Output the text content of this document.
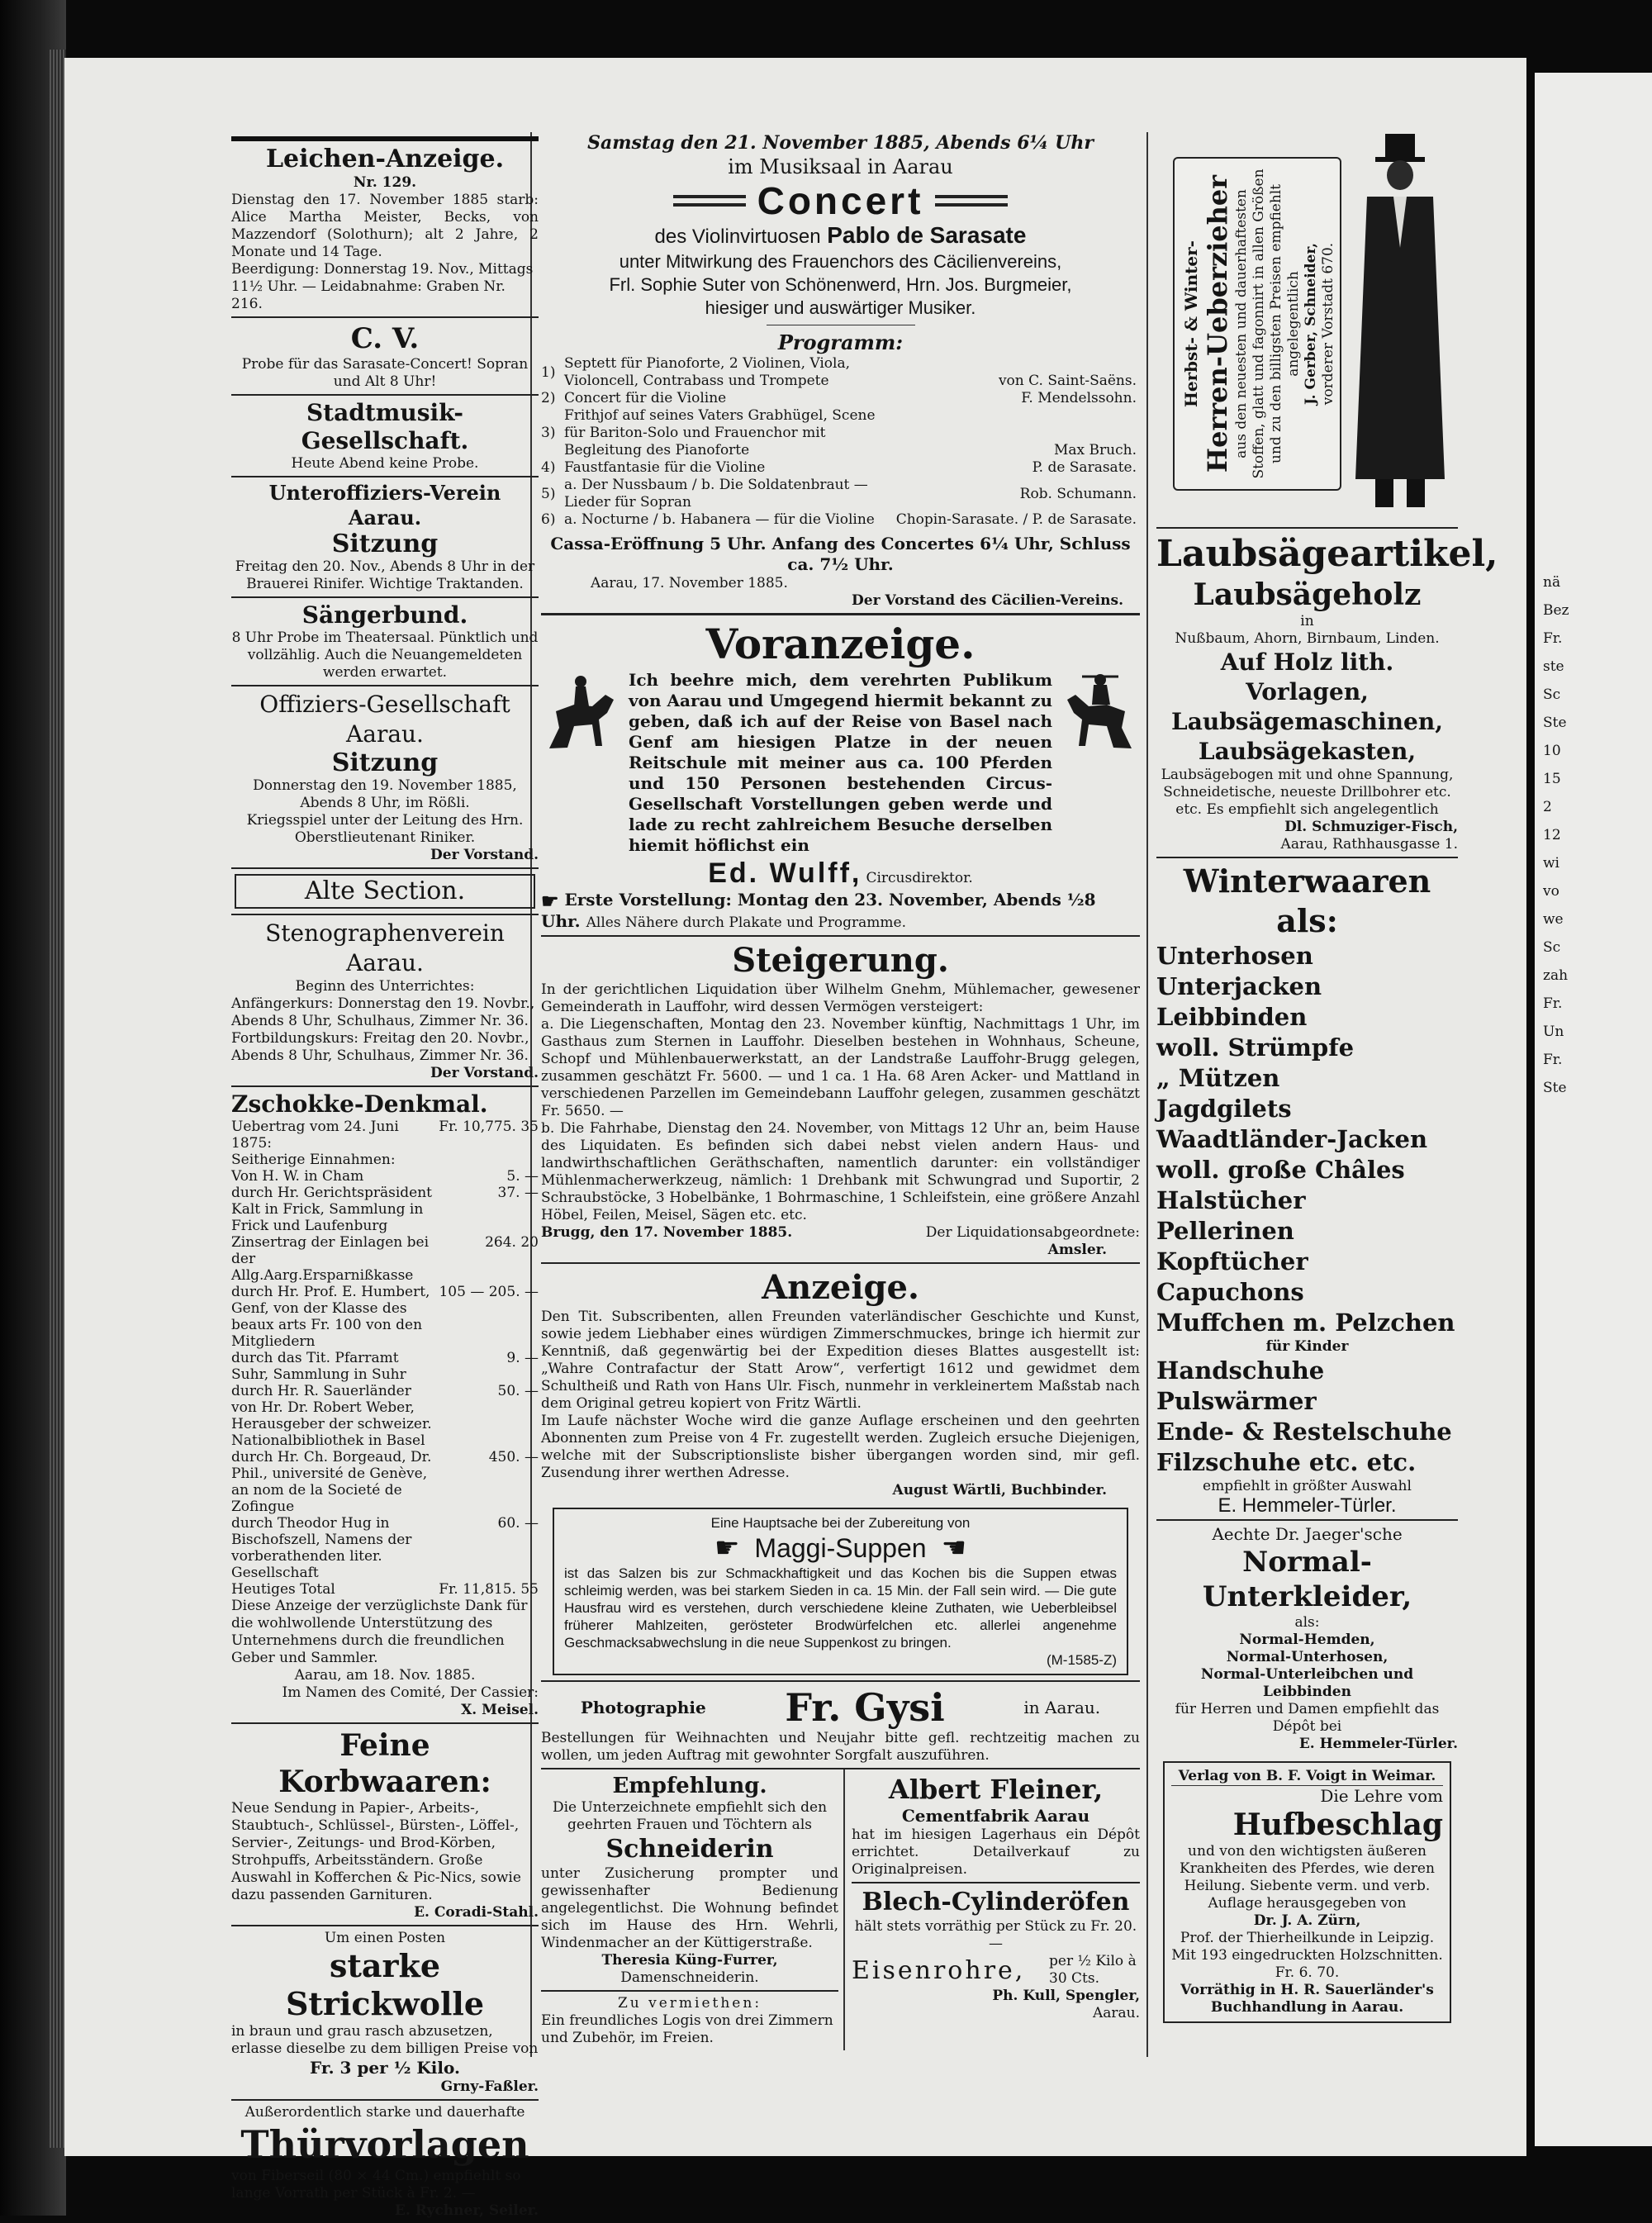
nä
Bez
Fr.
ste
Sc
Ste
10
15
2
12
wi
vo
we
Sc
zah
Fr.
Un
Fr.
Ste
Leichen-Anzeige.
Nr. 129.
Dienstag den 17. November 1885 starb: Alice Martha Meister, Becks, von Mazzendorf (Solothurn); alt 2 Jahre, 2 Monate und 14 Tage.
Beerdigung: Donnerstag 19. Nov., Mittags 11½ Uhr. — Leidabnahme: Graben Nr. 216.
C. V.
Probe für das Sarasate-Concert! Sopran und Alt 8 Uhr!
Stadtmusik-Gesellschaft.
Heute Abend keine Probe.
Unteroffiziers-Verein Aarau.
Sitzung
Freitag den 20. Nov., Abends 8 Uhr in der Brauerei Rinifer. Wichtige Traktanden.
Sängerbund.
8 Uhr Probe im Theatersaal. Pünktlich und vollzählig. Auch die Neuangemeldeten werden erwartet.
Offiziers-Gesellschaft Aarau.
Sitzung
Donnerstag den 19. November 1885, Abends 8 Uhr, im Rößli.
Kriegsspiel unter der Leitung des Hrn. Oberstlieutenant Riniker.
Der Vorstand.
Alte Section.
Stenographenverein Aarau.
Beginn des Unterrichtes:
Anfängerkurs: Donnerstag den 19. Novbr., Abends 8 Uhr, Schulhaus, Zimmer Nr. 36.
Fortbildungskurs: Freitag den 20. Novbr., Abends 8 Uhr, Schulhaus, Zimmer Nr. 36.
Der Vorstand.
Zschokke-Denkmal.
Uebertrag vom 24. Juni 1875:	Fr. 10,775. 35
Seitherige Einnahmen:	
Von H. W. in Cham	5. —
durch Hr. Gerichtspräsident Kalt in Frick, Sammlung in Frick und Laufenburg	37. —
Zinsertrag der Einlagen bei der Allg.Aarg.Ersparnißkasse	264. 20
durch Hr. Prof. E. Humbert, Genf, von der Klasse des beaux arts Fr. 100 von den Mitgliedern	105 — 205. —
durch das Tit. Pfarramt Suhr, Sammlung in Suhr	9. —
durch Hr. R. Sauerländer von Hr. Dr. Robert Weber, Herausgeber der schweizer. Nationalbibliothek in Basel	50. —
durch Hr. Ch. Borgeaud, Dr. Phil., université de Genève, an nom de la Societé de Zofingue	450. —
durch Theodor Hug in Bischofszell, Namens der vorberathenden liter. Gesellschaft	60. —
Heutiges Total	Fr. 11,815. 55
Diese Anzeige der verzüglichste Dank für die wohlwollende Unterstützung des Unternehmens durch die freundlichen Geber und Sammler.
Aarau, am 18. Nov. 1885.
Im Namen des Comité, Der Cassier:
X. Meisel.
Feine Korbwaaren:
Neue Sendung in Papier-, Arbeits-, Staubtuch-, Schlüssel-, Bürsten-, Löffel-, Servier-, Zeitungs- und Brod-Körben, Strohpuffs, Arbeitsständern. Große Auswahl in Kofferchen & Pic-Nics, sowie dazu passenden Garnituren.
E. Coradi-Stahl.
Um einen Posten
starke Strickwolle
in braun und grau rasch abzusetzen, erlasse dieselbe zu dem billigen Preise von
Fr. 3 per ½ Kilo.
Grny-Faßler.
Außerordentlich starke und dauerhafte
Thürvorlagen
von Fiberseil (80 × 44 Cm.) empfiehlt so lange Vorrath per Stück à Fr. 2. —
E. Rychner, Seiler.
Samstag den 21. November 1885, Abends 6¼ Uhr
im Musiksaal in Aarau
Concert
des Violinvirtuosen Pablo de Sarasate
unter Mitwirkung des Frauenchors des Cäcilienvereins,
Frl. Sophie Suter von Schönenwerd, Hrn. Jos. Burgmeier,
hiesiger und auswärtiger Musiker.
Programm:
1)	Septett für Pianoforte, 2 Violinen, Viola, Violoncell, Contrabass und Trompete	von C. Saint-Saëns.
2)	Concert für die Violine	F. Mendelssohn.
3)	Frithjof auf seines Vaters Grabhügel, Scene für Bariton-Solo und Frauenchor mit Begleitung des Pianoforte	Max Bruch.
4)	Faustfantasie für die Violine	P. de Sarasate.
5)	a. Der Nussbaum / b. Die Soldatenbraut — Lieder für Sopran	Rob. Schumann.
6)	a. Nocturne / b. Habanera — für die Violine	Chopin-Sarasate. / P. de Sarasate.
Cassa-Eröffnung 5 Uhr. Anfang des Concertes 6¼ Uhr, Schluss ca. 7½ Uhr.
Aarau, 17. November 1885.
Der Vorstand des Cäcilien-Vereins.
Voranzeige.
Ich beehre mich, dem verehrten Publikum von Aarau und Umgegend hiermit bekannt zu geben, daß ich auf der Reise von Basel nach Genf am hiesigen Platze in der neuen Reitschule mit meiner aus ca. 100 Pferden und 150 Personen bestehenden Circus-Gesellschaft Vorstellungen geben werde und lade zu recht zahlreichem Besuche derselben hiemit höflichst ein
Ed. Wulff, Circusdirektor.
☛ Erste Vorstellung: Montag den 23. November, Abends ½8 Uhr. Alles Nähere durch Plakate und Programme.
Steigerung.
In der gerichtlichen Liquidation über Wilhelm Gnehm, Mühlemacher, gewesener Gemeinderath in Lauffohr, wird dessen Vermögen versteigert:
a. Die Liegenschaften, Montag den 23. November künftig, Nachmittags 1 Uhr, im Gasthaus zum Sternen in Lauffohr. Dieselben bestehen in Wohnhaus, Scheune, Schopf und Mühlenbauerwerkstatt, an der Landstraße Lauffohr-Brugg gelegen, zusammen geschätzt Fr. 5600. — und 1 ca. 1 Ha. 68 Aren Acker- und Mattland in verschiedenen Parzellen im Gemeindebann Lauffohr gelegen, zusammen geschätzt Fr. 5650. —
b. Die Fahrhabe, Dienstag den 24. November, von Mittags 12 Uhr an, beim Hause des Liquidaten. Es befinden sich dabei nebst vielen andern Haus- und landwirthschaftlichen Geräthschaften, namentlich darunter: ein vollständiger Mühlenmacherwerkzeug, nämlich: 1 Drehbank mit Schwungrad und Suportir, 2 Schraubstöcke, 3 Hobelbänke, 1 Bohrmaschine, 1 Schleifstein, eine größere Anzahl Höbel, Feilen, Meisel, Sägen etc. etc.
Brugg, den 17. November 1885.	Der Liquidationsabgeordnete:
Amsler.
Anzeige.
Den Tit. Subscribenten, allen Freunden vaterländischer Geschichte und Kunst, sowie jedem Liebhaber eines würdigen Zimmerschmuckes, bringe ich hiermit zur Kenntniß, daß gegenwärtig bei der Expedition dieses Blattes ausgestellt ist: „Wahre Contrafactur der Statt Arow“, verfertigt 1612 und gewidmet dem Schultheiß und Rath von Hans Ulr. Fisch, nunmehr in verkleinertem Maßstab nach dem Original getreu kopiert von Fritz Wärtli.
Im Laufe nächster Woche wird die ganze Auflage erscheinen und den geehrten Abonnenten zum Preise von 4 Fr. zugestellt werden. Zugleich ersuche Diejenigen, welche mit der Subscriptionsliste bisher übergangen worden sind, mir gefl. Zusendung ihrer werthen Adresse.
August Wärtli, Buchbinder.
Eine Hauptsache bei der Zubereitung von
☛ Maggi-Suppen ☚
ist das Salzen bis zur Schmackhaftigkeit und das Kochen bis die Suppen etwas schleimig werden, was bei starkem Sieden in ca. 15 Min. der Fall sein wird. — Die gute Hausfrau wird es verstehen, durch verschiedene kleine Zuthaten, wie Ueberbleibsel früherer Mahlzeiten, gerösteter Brodwürfelchen etc. allerlei angenehme Geschmacksabwechslung in die neue Suppenkost zu bringen.
(M-1585-Z)
Photographie Fr. Gysi	in Aarau.
Bestellungen für Weihnachten und Neujahr bitte gefl. rechtzeitig machen zu wollen, um jeden Auftrag mit gewohnter Sorgfalt auszuführen.
Empfehlung.
Die Unterzeichnete empfiehlt sich den geehrten Frauen und Töchtern als
Schneiderin
unter Zusicherung prompter und gewissenhafter Bedienung angelegentlichst. Die Wohnung befindet sich im Hause des Hrn. Wehrli, Windenmacher an der Küttigerstraße.
Theresia Küng-Furrer,
Damenschneiderin.
Zu vermiethen:
Ein freundliches Logis von drei Zimmern und Zubehör, im Freien.
Albert Fleiner,
Cementfabrik Aarau
hat im hiesigen Lagerhaus ein Dépôt errichtet. Detailverkauf zu Originalpreisen.
Blech-Cylinderöfen
hält stets vorräthig per Stück zu Fr. 20. —
Eisenrohre, per ½ Kilo à 30 Cts.
Ph. Kull, Spengler,
Aarau.
Herbst- & Winter- Herren-Ueberzieher aus den neuesten und dauerhaftesten Stoffen, glatt und fagonnirt in allen Größen und zu den billigsten Preisen empfiehlt angelegentlich J. Gerber, Schneider, vorderer Vorstadt 670.
Laubsägeartikel,
Laubsägeholz
in
Nußbaum, Ahorn, Birnbaum, Linden.
Auf Holz lith. Vorlagen,
Laubsägemaschinen,
Laubsägekasten,
Laubsägebogen mit und ohne Spannung, Schneidetische, neueste Drillbohrer etc. etc. Es empfiehlt sich angelegentlich
Dl. Schmuziger-Fisch,
Aarau, Rathhausgasse 1.
Winterwaaren als:
Unterhosen
Unterjacken
Leibbinden
woll. Strümpfe
„ Mützen
Jagdgilets
Waadtländer-Jacken
woll. große Châles
Halstücher
Pellerinen
Kopftücher
Capuchons
Muffchen m. Pelzchen
für Kinder
Handschuhe
Pulswärmer
Ende- & Restelschuhe
Filzschuhe etc. etc.
empfiehlt in größter Auswahl
E. Hemmeler-Türler.
Aechte Dr. Jaeger'sche
Normal-Unterkleider,
als:
Normal-Hemden,
Normal-Unterhosen,
Normal-Unterleibchen und
Leibbinden
für Herren und Damen empfiehlt das Dépôt bei
E. Hemmeler-Türler.
Verlag von B. F. Voigt in Weimar.
Die Lehre vom
Hufbeschlag
und von den wichtigsten äußeren Krankheiten des Pferdes, wie deren Heilung. Siebente verm. und verb. Auflage herausgegeben von
Dr. J. A. Zürn,
Prof. der Thierheilkunde in Leipzig.
Mit 193 eingedruckten Holzschnitten.
Fr. 6. 70.
Vorräthig in H. R. Sauerländer's Buchhandlung in Aarau.
